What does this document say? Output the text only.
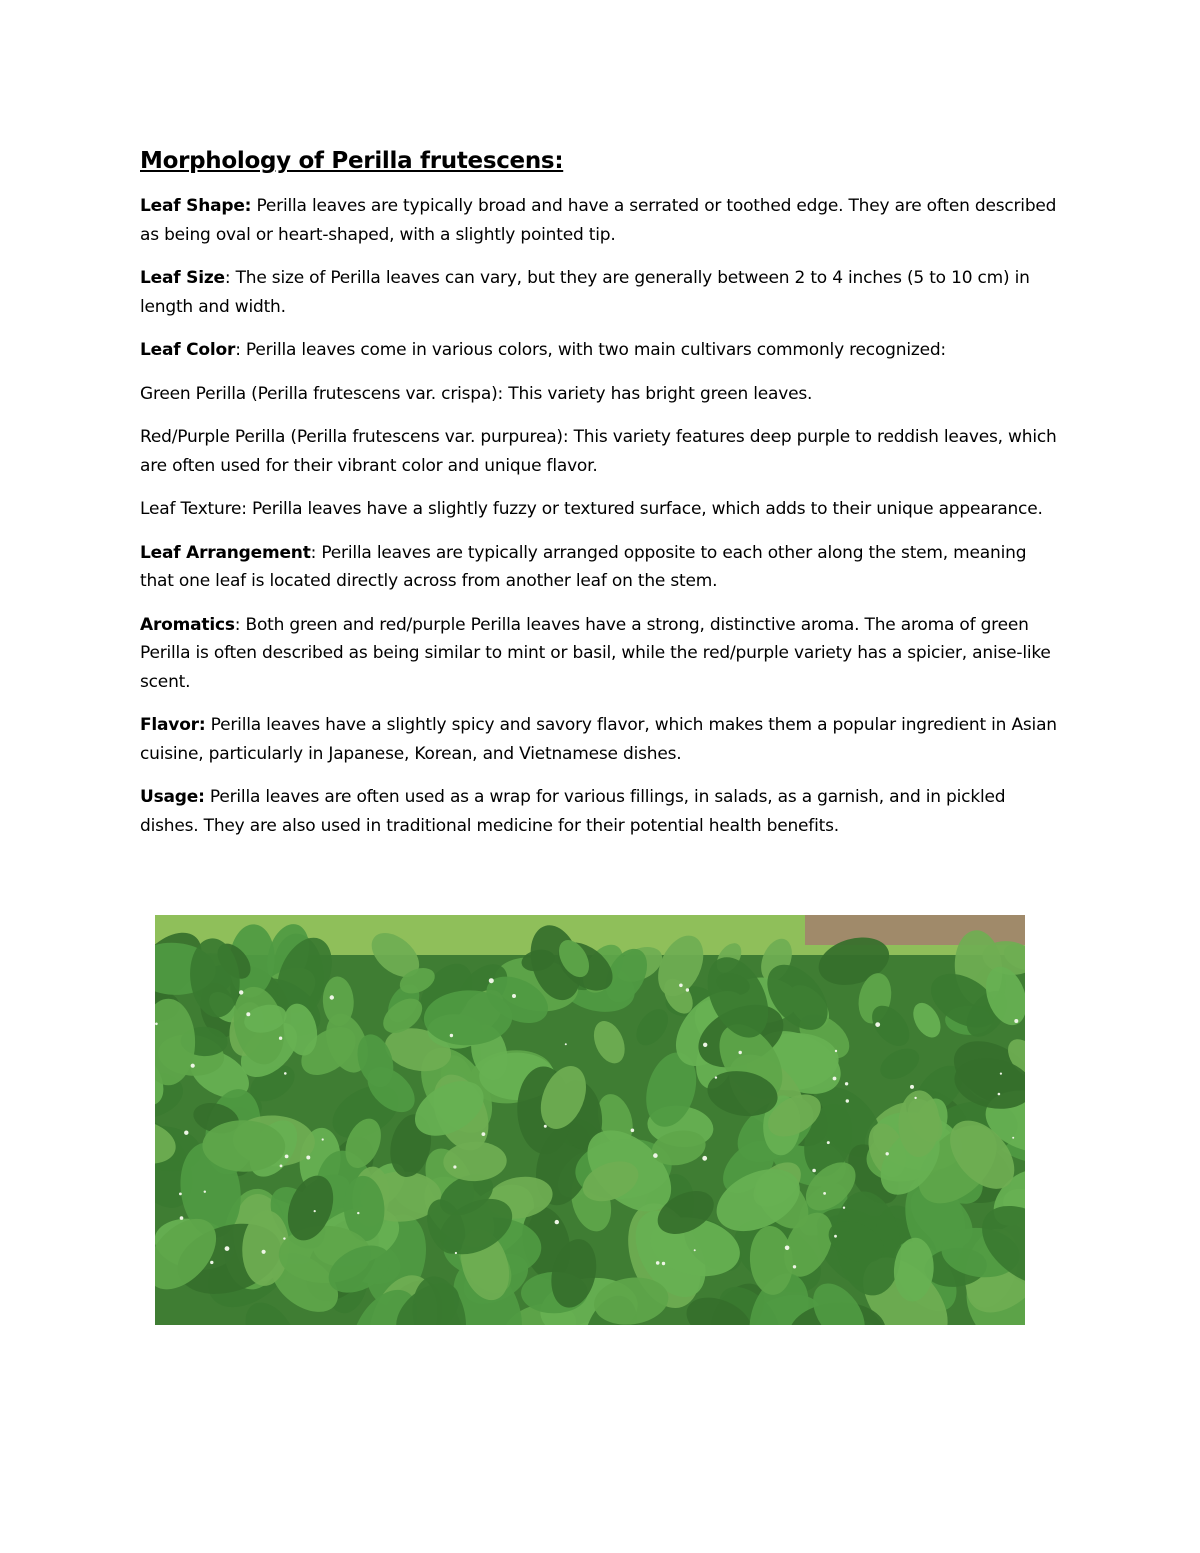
Morphology of Perilla frutescens:

Leaf Shape: Perilla leaves are typically broad and have a serrated or toothed edge. They are often described as being oval or heart-shaped, with a slightly pointed tip.

Leaf Size: The size of Perilla leaves can vary, but they are generally between 2 to 4 inches (5 to 10 cm) in length and width.

Leaf Color: Perilla leaves come in various colors, with two main cultivars commonly recognized:

Green Perilla (Perilla frutescens var. crispa): This variety has bright green leaves.

Red/Purple Perilla (Perilla frutescens var. purpurea): This variety features deep purple to reddish leaves, which are often used for their vibrant color and unique flavor.

Leaf Texture: Perilla leaves have a slightly fuzzy or textured surface, which adds to their unique appearance.

Leaf Arrangement: Perilla leaves are typically arranged opposite to each other along the stem, meaning that one leaf is located directly across from another leaf on the stem.

Aromatics: Both green and red/purple Perilla leaves have a strong, distinctive aroma. The aroma of green Perilla is often described as being similar to mint or basil, while the red/purple variety has a spicier, anise-like scent.

Flavor: Perilla leaves have a slightly spicy and savory flavor, which makes them a popular ingredient in Asian cuisine, particularly in Japanese, Korean, and Vietnamese dishes.

Usage: Perilla leaves are often used as a wrap for various fillings, in salads, as a garnish, and in pickled dishes. They are also used in traditional medicine for their potential health benefits.
